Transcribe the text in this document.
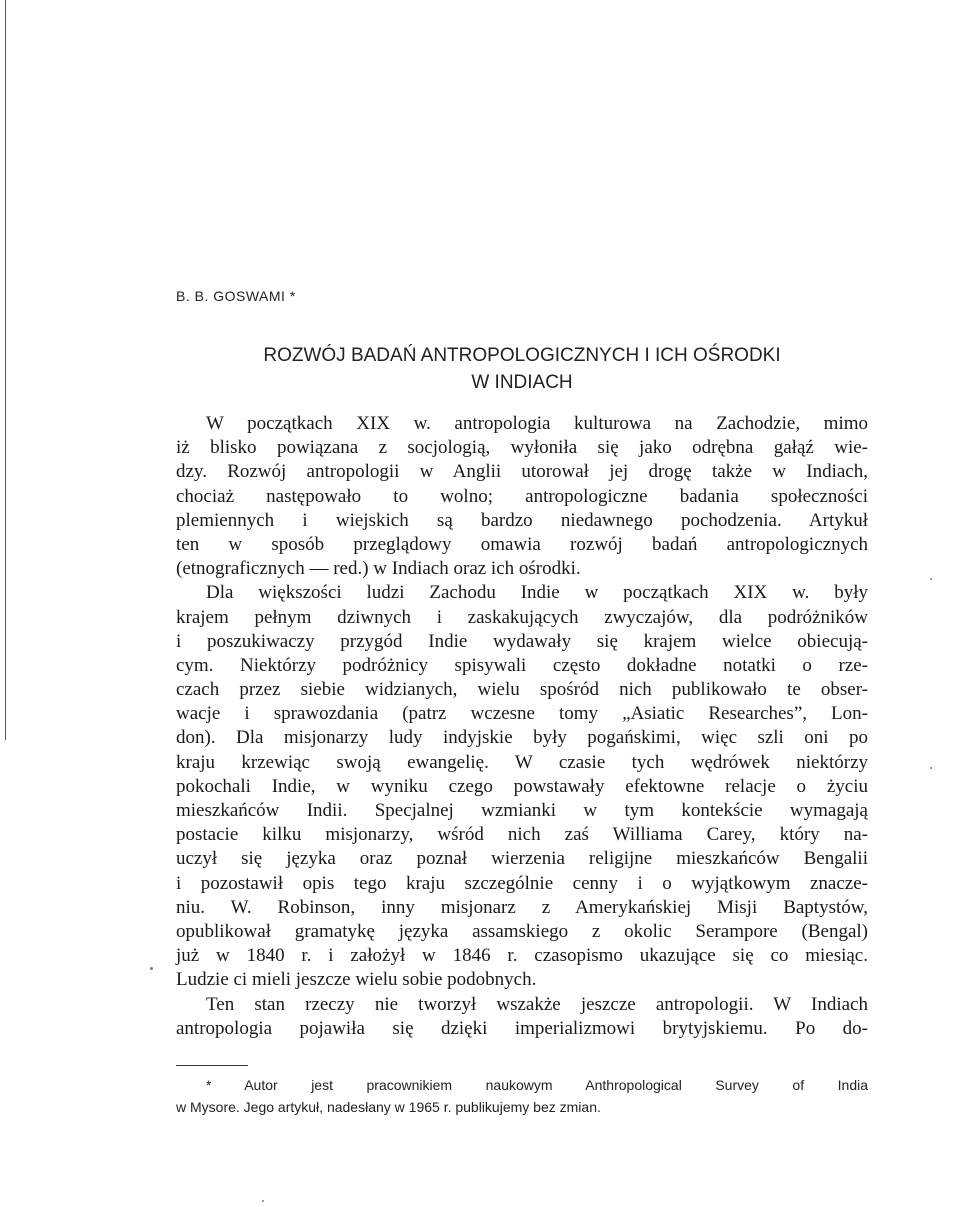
B. B. GOSWAMI *
ROZWÓJ BADAŃ ANTROPOLOGICZNYCH I ICH OŚRODKI
W INDIACH
W początkach XIX w. antropologia kulturowa na Zachodzie, mimo
iż blisko powiązana z socjologią, wyłoniła się jako odrębna gałąź wie-
dzy. Rozwój antropologii w Anglii utorował jej drogę także w Indiach,
chociaż następowało to wolno; antropologiczne badania społeczności
plemiennych i wiejskich są bardzo niedawnego pochodzenia. Artykuł
ten w sposób przeglądowy omawia rozwój badań antropologicznych
(etnograficznych — red.) w Indiach oraz ich ośrodki.
Dla większości ludzi Zachodu Indie w początkach XIX w. były
krajem pełnym dziwnych i zaskakujących zwyczajów, dla podróżników
i poszukiwaczy przygód Indie wydawały się krajem wielce obiecują-
cym. Niektórzy podróżnicy spisywali często dokładne notatki o rze-
czach przez siebie widzianych, wielu spośród nich publikowało te obser-
wacje i sprawozdania (patrz wczesne tomy „Asiatic Researches”, Lon-
don). Dla misjonarzy ludy indyjskie były pogańskimi, więc szli oni po
kraju krzewiąc swoją ewangelię. W czasie tych wędrówek niektórzy
pokochali Indie, w wyniku czego powstawały efektowne relacje o życiu
mieszkańców Indii. Specjalnej wzmianki w tym kontekście wymagają
postacie kilku misjonarzy, wśród nich zaś Williama Carey, który na-
uczył się języka oraz poznał wierzenia religijne mieszkańców Bengalii
i pozostawił opis tego kraju szczególnie cenny i o wyjątkowym znacze-
niu. W. Robinson, inny misjonarz z Amerykańskiej Misji Baptystów,
opublikował gramatykę języka assamskiego z okolic Serampore (Bengal)
już w 1840 r. i założył w 1846 r. czasopismo ukazujące się co miesiąc.
Ludzie ci mieli jeszcze wielu sobie podobnych.
Ten stan rzeczy nie tworzył wszakże jeszcze antropologii. W Indiach
antropologia pojawiła się dzięki imperializmowi brytyjskiemu. Po do-
* Autor jest pracownikiem naukowym Anthropological Survey of India
w Mysore. Jego artykuł, nadesłany w 1965 r. publikujemy bez zmian.
